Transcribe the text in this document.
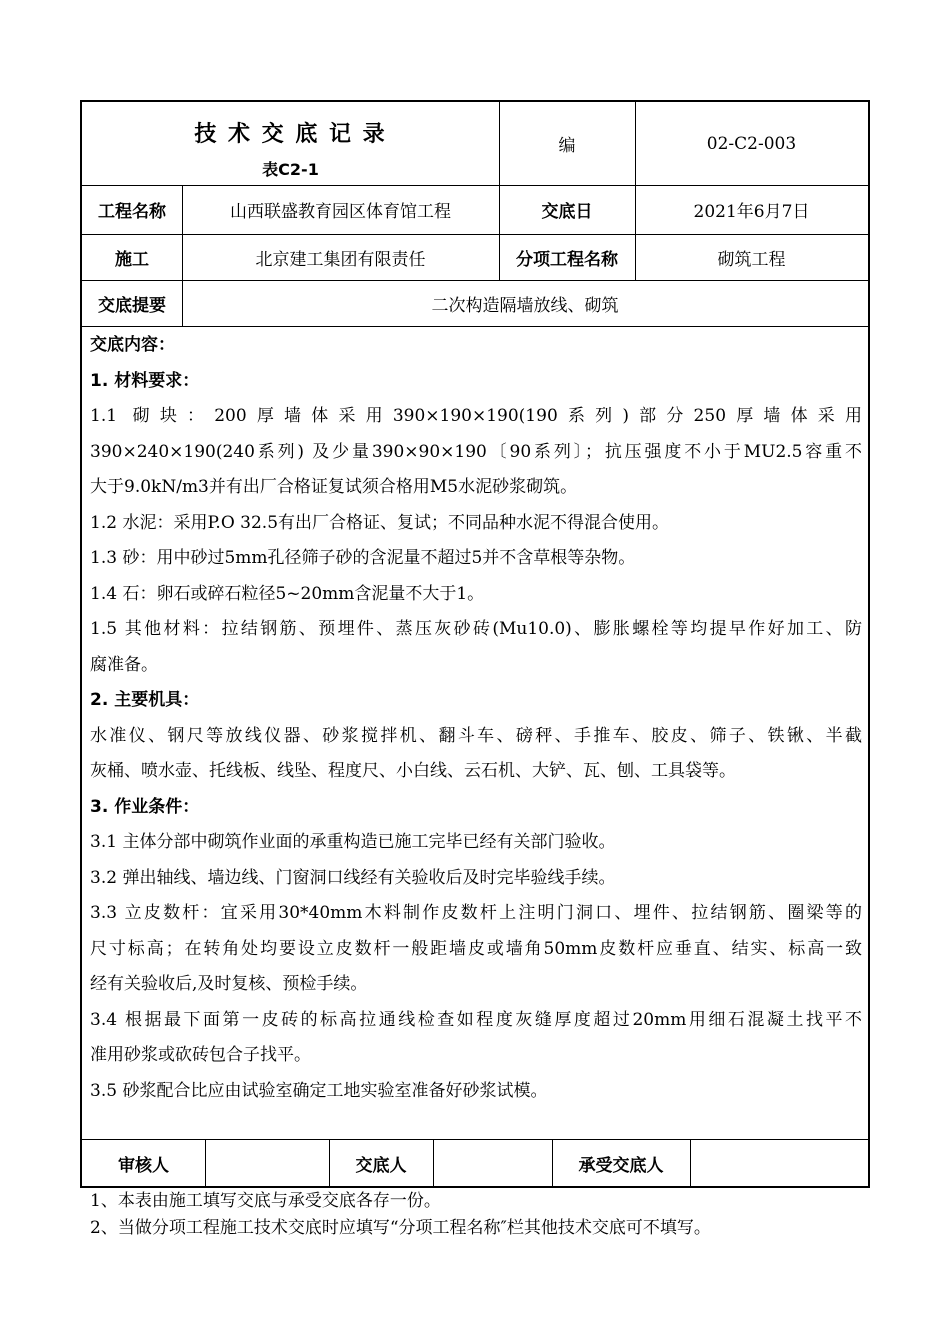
技 术 交 底 记 录
表C2-1
编	02-C2-003
工程名称	山西联盛教育园区体育馆工程	交底日	2021年6月7日
施工	北京建工集团有限责任	分项工程名称	砌筑工程
交底提要	二次构造隔墙放线、砌筑
交底内容：
1. 材料要求：
1.1 砌块：200厚墙体采用390×190×190(190系列)部分250厚墙体采用
390×240×190(240系列) 及少量390×90×190〔90系列〕；抗压强度不小于MU2.5容重不
大于9.0kN/m3并有出厂合格证复试须合格用M5水泥砂浆砌筑。
1.2 水泥：采用P.O 32.5有出厂合格证、复试；不同品种水泥不得混合使用。
1.3 砂：用中砂过5mm孔径筛子砂的含泥量不超过5并不含草根等杂物。
1.4 石：卵石或碎石粒径5~20mm含泥量不大于1。
1.5 其他材料：拉结钢筋、预埋件、蒸压灰砂砖(Mu10.0)、膨胀螺栓等均提早作好加工、防
腐准备。
2. 主要机具：
水准仪、钢尺等放线仪器、砂浆搅拌机、翻斗车、磅秤、手推车、胶皮、筛子、铁锹、半截
灰桶、喷水壶、托线板、线坠、程度尺、小白线、云石机、大铲、瓦、刨、工具袋等。
3. 作业条件：
3.1 主体分部中砌筑作业面的承重构造已施工完毕已经有关部门验收。
3.2 弹出轴线、墙边线、门窗洞口线经有关验收后及时完毕验线手续。
3.3 立皮数杆：宜采用30*40mm木料制作皮数杆上注明门洞口、埋件、拉结钢筋、圈梁等的
尺寸标高；在转角处均要设立皮数杆一般距墙皮或墙角50mm皮数杆应垂直、结实、标高一致
经有关验收后,及时复核、预检手续。
3.4 根据最下面第一皮砖的标高拉通线检查如程度灰缝厚度超过20mm用细石混凝土找平不
准用砂浆或砍砖包合子找平。
3.5 砂浆配合比应由试验室确定工地实验室准备好砂浆试模。
审核人	交底人	承受交底人
1、本表由施工填写交底与承受交底各存一份。
2、当做分项工程施工技术交底时应填写“分项工程名称″栏其他技术交底可不填写。
